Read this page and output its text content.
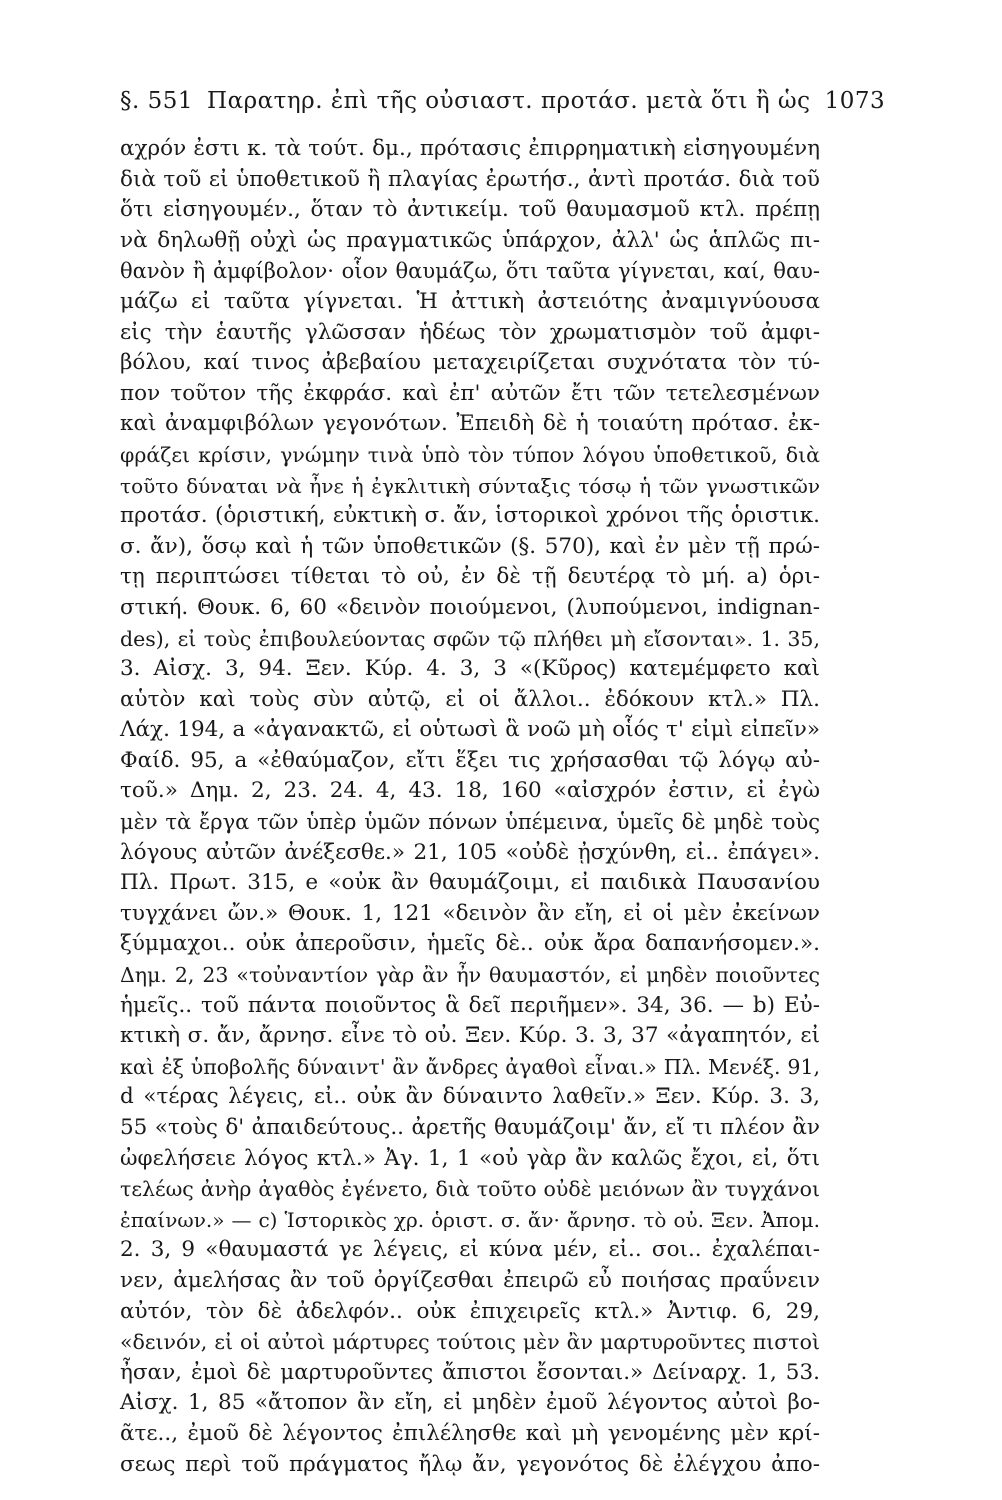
§. 551 Παρατηρ. ἐπὶ τῆς οὐσιαστ. προτάσ. μετὰ ὅτι ἢ ὡς 1073
αχρόν ἐστι κ. τὰ τούτ. δμ., πρότασις ἐπιρρηματικὴ εἰσηγουμένη
διὰ τοῦ εἰ ὑποθετικοῦ ἢ πλαγίας ἐρωτήσ., ἀντὶ προτάσ. διὰ τοῦ
ὅτι εἰσηγουμέν., ὅταν τὸ ἀντικείμ. τοῦ θαυμασμοῦ κτλ. πρέπῃ
νὰ δηλωθῇ οὐχὶ ὡς πραγματικῶς ὑπάρχον, ἀλλ' ὡς ἁπλῶς πι-
θανὸν ἢ ἀμφίβολον· οἷον θαυμάζω, ὅτι ταῦτα γίγνεται, καί, θαυ-
μάζω εἰ ταῦτα γίγνεται. Ἡ ἀττικὴ ἀστειότης ἀναμιγνύουσα
εἰς τὴν ἑαυτῆς γλῶσσαν ἡδέως τὸν χρωματισμὸν τοῦ ἀμφι-
βόλου, καί τινος ἀβεβαίου μεταχειρίζεται συχνότατα τὸν τύ-
πον τοῦτον τῆς ἐκφράσ. καὶ ἐπ' αὐτῶν ἔτι τῶν τετελεσμένων
καὶ ἀναμφιβόλων γεγονότων. Ἐπειδὴ δὲ ἡ τοιαύτη πρότασ. ἐκ-
φράζει κρίσιν, γνώμην τινὰ ὑπὸ τὸν τύπον λόγου ὑποθετικοῦ, διὰ
τοῦτο δύναται νὰ ἦνε ἡ ἐγκλιτικὴ σύνταξις τόσῳ ἡ τῶν γνωστικῶν
προτάσ. (ὁριστική, εὐκτικὴ σ. ἄν, ἱστορικοὶ χρόνοι τῆς ὁριστικ.
σ. ἄν), ὅσῳ καὶ ἡ τῶν ὑποθετικῶν (§. 570), καὶ ἐν μὲν τῇ πρώ-
τῃ περιπτώσει τίθεται τὸ οὐ, ἐν δὲ τῇ δευτέρᾳ τὸ μή. a) ὁρι-
στική. Θουκ. 6, 60 «δεινὸν ποιούμενοι, (λυπούμενοι, indignan-
des), εἰ τοὺς ἐπιβουλεύοντας σφῶν τῷ πλήθει μὴ εἴσονται». 1. 35,
3. Αἰσχ. 3, 94. Ξεν. Κύρ. 4. 3, 3 «(Κῦρος) κατεμέμφετο καὶ
αὑτὸν καὶ τοὺς σὺν αὐτῷ, εἰ οἱ ἄλλοι.. ἐδόκουν κτλ.» Πλ.
Λάχ. 194, a «ἀγανακτῶ, εἰ οὑτωσὶ ἃ νοῶ μὴ οἷός τ' εἰμὶ εἰπεῖν»
Φαίδ. 95, a «ἐθαύμαζον, εἴτι ἕξει τις χρήσασθαι τῷ λόγῳ αὐ-
τοῦ.» Δημ. 2, 23. 24. 4, 43. 18, 160 «αἰσχρόν ἐστιν, εἰ ἐγὼ
μὲν τὰ ἔργα τῶν ὑπὲρ ὑμῶν πόνων ὑπέμεινα, ὑμεῖς δὲ μηδὲ τοὺς
λόγους αὐτῶν ἀνέξεσθε.» 21, 105 «οὐδὲ ᾐσχύνθη, εἰ.. ἐπάγει».
Πλ. Πρωτ. 315, e «οὐκ ἂν θαυμάζοιμι, εἰ παιδικὰ Παυσανίου
τυγχάνει ὤν.» Θουκ. 1, 121 «δεινὸν ἂν εἴη, εἰ οἱ μὲν ἐκείνων
ξύμμαχοι.. οὐκ ἀπεροῦσιν, ἡμεῖς δὲ.. οὐκ ἄρα δαπανήσομεν.».
Δημ. 2, 23 «τοὐναντίον γὰρ ἂν ἦν θαυμαστόν, εἰ μηδὲν ποιοῦντες
ἡμεῖς.. τοῦ πάντα ποιοῦντος ἃ δεῖ περιῆμεν». 34, 36. — b) Εὐ-
κτικὴ σ. ἄν, ἄρνησ. εἶνε τὸ οὐ. Ξεν. Κύρ. 3. 3, 37 «ἀγαπητόν, εἰ
καὶ ἐξ ὑποβολῆς δύναιντ' ἂν ἄνδρες ἀγαθοὶ εἶναι.» Πλ. Μενέξ. 91,
d «τέρας λέγεις, εἰ.. οὐκ ἂν δύναιντο λαθεῖν.» Ξεν. Κύρ. 3. 3,
55 «τοὺς δ' ἀπαιδεύτους.. ἀρετῆς θαυμάζοιμ' ἄν, εἴ τι πλέον ἂν
ὠφελήσειε λόγος κτλ.» Ἀγ. 1, 1 «οὐ γὰρ ἂν καλῶς ἔχοι, εἰ, ὅτι
τελέως ἀνὴρ ἀγαθὸς ἐγένετο, διὰ τοῦτο οὐδὲ μειόνων ἂν τυγχάνοι
ἐπαίνων.» — c) Ἱστορικὸς χρ. ὁριστ. σ. ἄν· ἄρνησ. τὸ οὐ. Ξεν. Ἀπομ.
2. 3, 9 «θαυμαστά γε λέγεις, εἰ κύνα μέν, εἰ.. σοι.. ἐχαλέπαι-
νεν, ἀμελήσας ἂν τοῦ ὀργίζεσθαι ἐπειρῶ εὖ ποιήσας πραΰνειν
αὐτόν, τὸν δὲ ἀδελφόν.. οὐκ ἐπιχειρεῖς κτλ.» Ἀντιφ. 6, 29,
«δεινόν, εἰ οἱ αὐτοὶ μάρτυρες τούτοις μὲν ἂν μαρτυροῦντες πιστοὶ
ἦσαν, ἐμοὶ δὲ μαρτυροῦντες ἄπιστοι ἔσονται.» Δείναρχ. 1, 53.
Αἰσχ. 1, 85 «ἄτοπον ἂν εἴη, εἰ μηδὲν ἐμοῦ λέγοντος αὐτοὶ βο-
ᾶτε.., ἐμοῦ δὲ λέγοντος ἐπιλέλησθε καὶ μὴ γενομένης μὲν κρί-
σεως περὶ τοῦ πράγματος ἤλῳ ἄν, γεγονότος δὲ ἐλέγχου ἀπο-
